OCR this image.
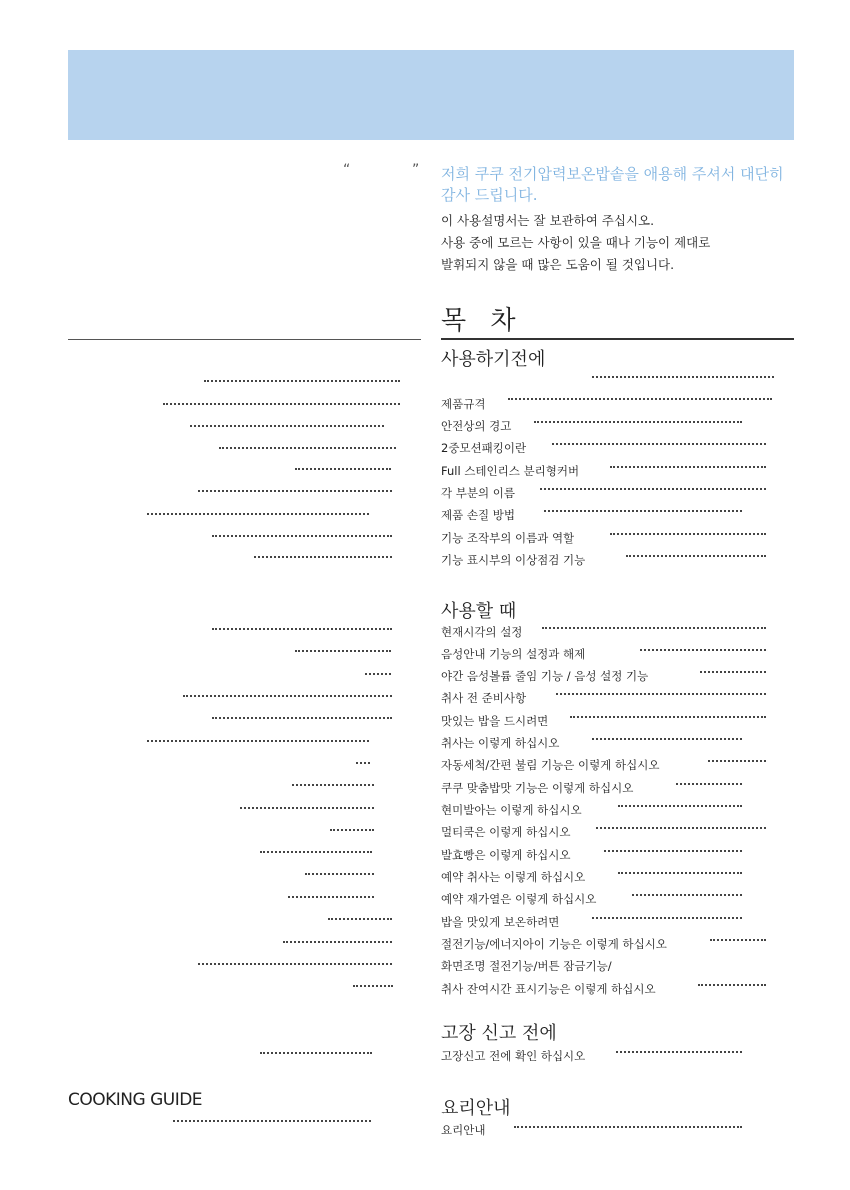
“	” 저희 쿠쿠 전기압력보온밥솥을 애용해 주셔서 대단히
감사 드립니다.
이 사용설명서는 잘 보관하여 주십시오.
사용 중에 모르는 사항이 있을 때나 기능이 제대로
발휘되지 않을 때 많은 도움이 될 것입니다.
목 차
사용하기전에
제품규격
안전상의 경고
2중모션패킹이란
Full 스테인리스 분리형커버
각 부분의 이름
제품 손질 방법
기능 조작부의 이름과 역할
기능 표시부의 이상점검 기능
사용할 때
현재시각의 설정
음성안내 기능의 설정과 해제
야간 음성볼륨 줄임 기능 / 음성 설정 기능
취사 전 준비사항
맛있는 밥을 드시려면
취사는 이렇게 하십시오
자동세척/간편 불림 기능은 이렇게 하십시오
쿠쿠 맞춤밥맛 기능은 이렇게 하십시오
현미발아는 이렇게 하십시오
멀티쿡은 이렇게 하십시오
발효빵은 이렇게 하십시오
예약 취사는 이렇게 하십시오
예약 재가열은 이렇게 하십시오
밥을 맛있게 보온하려면
절전기능/에너지아이 기능은 이렇게 하십시오
화면조명 절전기능/버튼 잠금기능/
취사 잔여시간 표시기능은 이렇게 하십시오
고장 신고 전에
고장신고 전에 확인 하십시오
COOKING GUIDE	요리안내
요리안내
